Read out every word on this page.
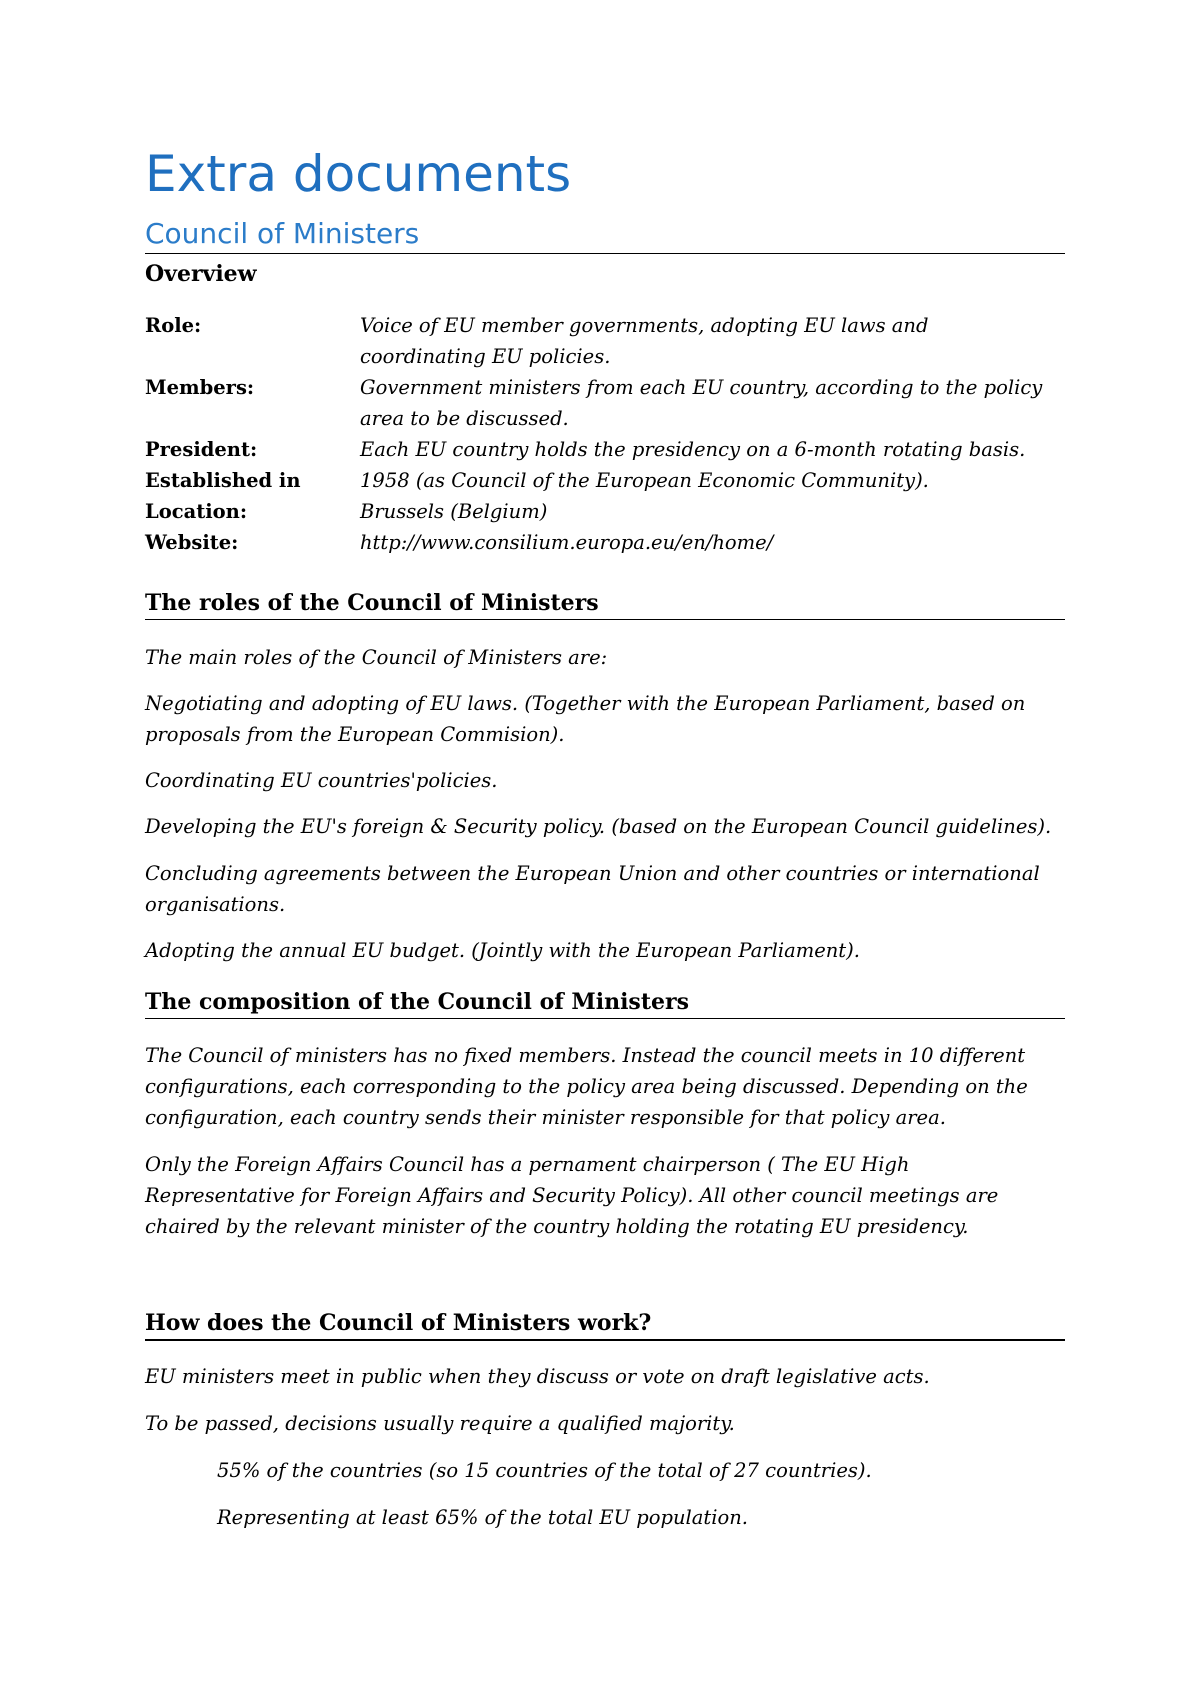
Extra documents
Council of Ministers
Overview
Role:	Voice of EU member governments, adopting EU laws and coordinating EU policies.
Members:	Government ministers from each EU country, according to the policy area to be discussed.
President:	Each EU country holds the presidency on a 6-month rotating basis.
Established in	1958 (as Council of the European Economic Community).
Location:	Brussels (Belgium)
Website:	http://www.consilium.europa.eu/en/home/
The roles of the Council of Ministers

The main roles of the Council of Ministers are:

Negotiating and adopting of EU laws. (Together with the European Parliament, based on proposals from the European Commision).

Coordinating EU countries'policies.

Developing the EU's foreign & Security policy. (based on the European Council guidelines).

Concluding agreements between the European Union and other countries or international organisations.

Adopting the annual EU budget. (Jointly with the European Parliament).

The composition of the Council of Ministers

The Council of ministers has no fixed members. Instead the council meets in 10 different configurations, each corresponding to the policy area being discussed. Depending on the configuration, each country sends their minister responsible for that policy area.

Only the Foreign Affairs Council has a pernament chairperson ( The EU High Representative for Foreign Affairs and Security Policy). All other council meetings are chaired by the relevant minister of the country holding the rotating EU presidency.

How does the Council of Ministers work?

EU ministers meet in public when they discuss or vote on draft legislative acts.

To be passed, decisions usually require a qualified majority.

55% of the countries (so 15 countries of the total of 27 countries).

Representing at least 65% of the total EU population.
